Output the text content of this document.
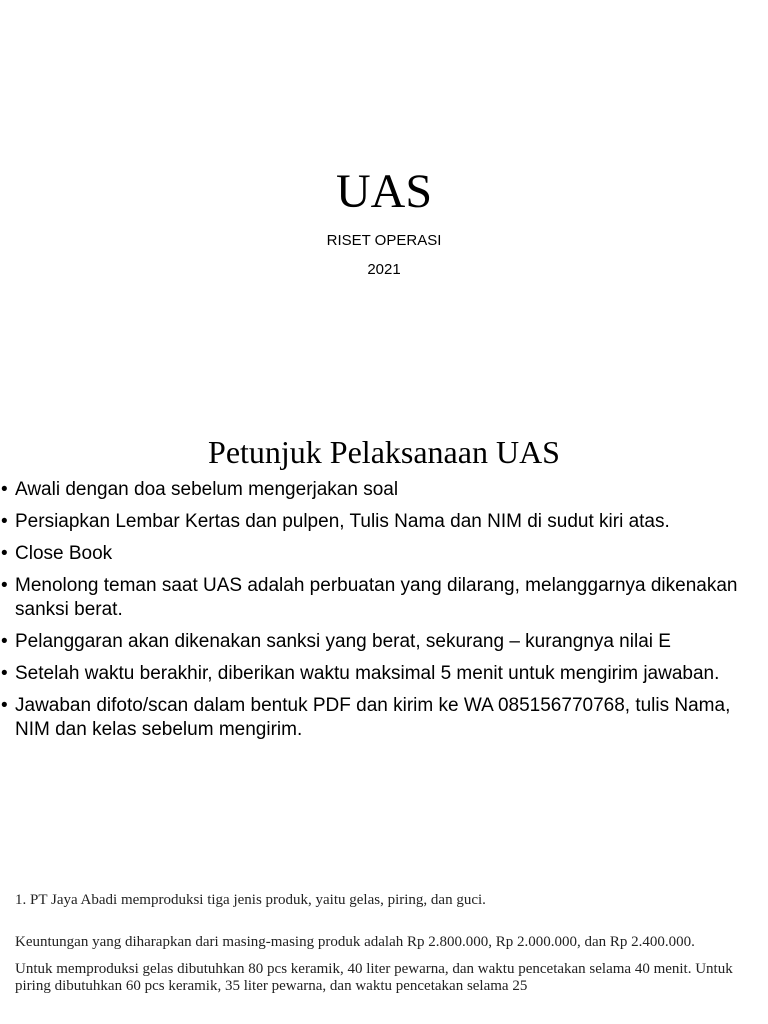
UAS
RISET OPERASI
2021
Petunjuk Pelaksanaan UAS
• Awali dengan doa sebelum mengerjakan soal
• Persiapkan Lembar Kertas dan pulpen, Tulis Nama dan NIM di sudut kiri atas.
• Close Book
• Menolong teman saat UAS adalah perbuatan yang dilarang, melanggarnya dikenakan sanksi berat.
• Pelanggaran akan dikenakan sanksi yang berat, sekurang – kurangnya nilai E
• Setelah waktu berakhir, diberikan waktu maksimal 5 menit untuk mengirim jawaban.
• Jawaban difoto/scan dalam bentuk PDF dan kirim ke WA 085156770768, tulis Nama, NIM dan kelas sebelum mengirim.

1. PT Jaya Abadi memproduksi tiga jenis produk, yaitu gelas, piring, dan guci.

Keuntungan yang diharapkan dari masing-masing produk adalah Rp 2.800.000, Rp 2.000.000, dan Rp 2.400.000.

Untuk memproduksi gelas dibutuhkan 80 pcs keramik, 40 liter pewarna, dan waktu pencetakan selama 40 menit. Untuk piring dibutuhkan 60 pcs keramik, 35 liter pewarna, dan waktu pencetakan selama 25
